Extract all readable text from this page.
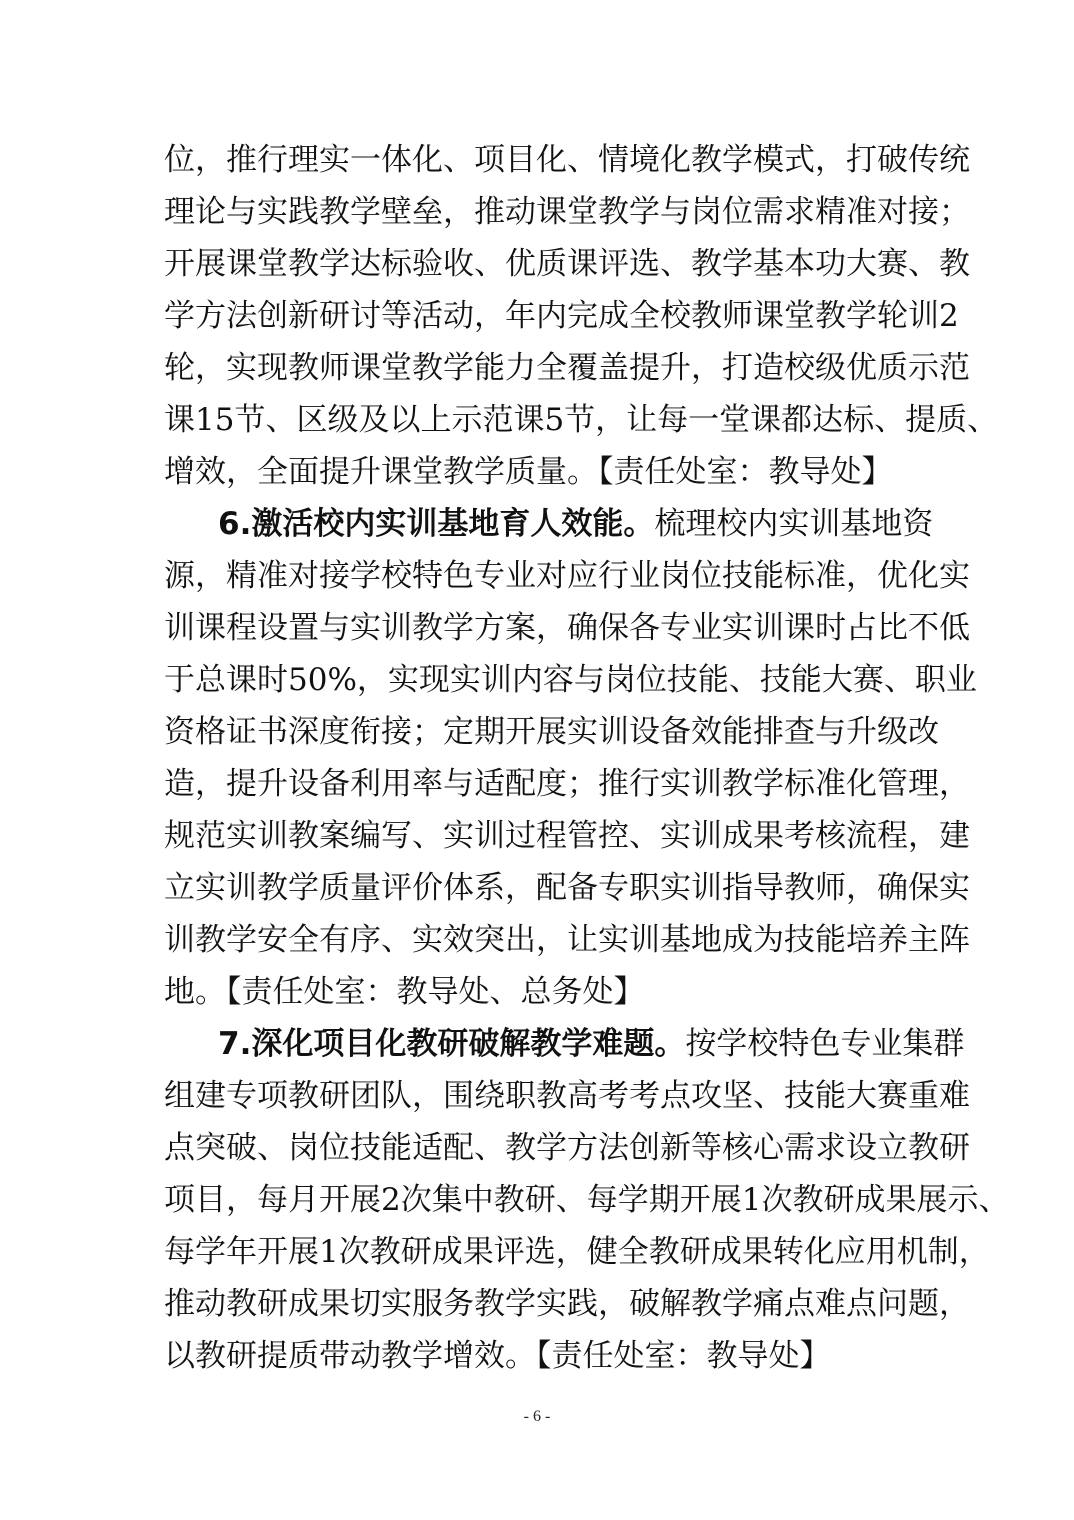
位，推行理实一体化、项目化、情境化教学模式，打破传统
理论与实践教学壁垒，推动课堂教学与岗位需求精准对接；
开展课堂教学达标验收、优质课评选、教学基本功大赛、教
学方法创新研讨等活动，年内完成全校教师课堂教学轮训2
轮，实现教师课堂教学能力全覆盖提升，打造校级优质示范
课15节、区级及以上示范课5节，让每一堂课都达标、提质、
增效，全面提升课堂教学质量。【责任处室：教导处】
6.激活校内实训基地育人效能。梳理校内实训基地资
源，精准对接学校特色专业对应行业岗位技能标准，优化实
训课程设置与实训教学方案，确保各专业实训课时占比不低
于总课时50%，实现实训内容与岗位技能、技能大赛、职业
资格证书深度衔接；定期开展实训设备效能排查与升级改
造，提升设备利用率与适配度；推行实训教学标准化管理，
规范实训教案编写、实训过程管控、实训成果考核流程，建
立实训教学质量评价体系，配备专职实训指导教师，确保实
训教学安全有序、实效突出，让实训基地成为技能培养主阵
地。【责任处室：教导处、总务处】
7.深化项目化教研破解教学难题。按学校特色专业集群
组建专项教研团队，围绕职教高考考点攻坚、技能大赛重难
点突破、岗位技能适配、教学方法创新等核心需求设立教研
项目，每月开展2次集中教研、每学期开展1次教研成果展示、
每学年开展1次教研成果评选，健全教研成果转化应用机制，
推动教研成果切实服务教学实践，破解教学痛点难点问题，
以教研提质带动教学增效。【责任处室：教导处】
- 6 -
